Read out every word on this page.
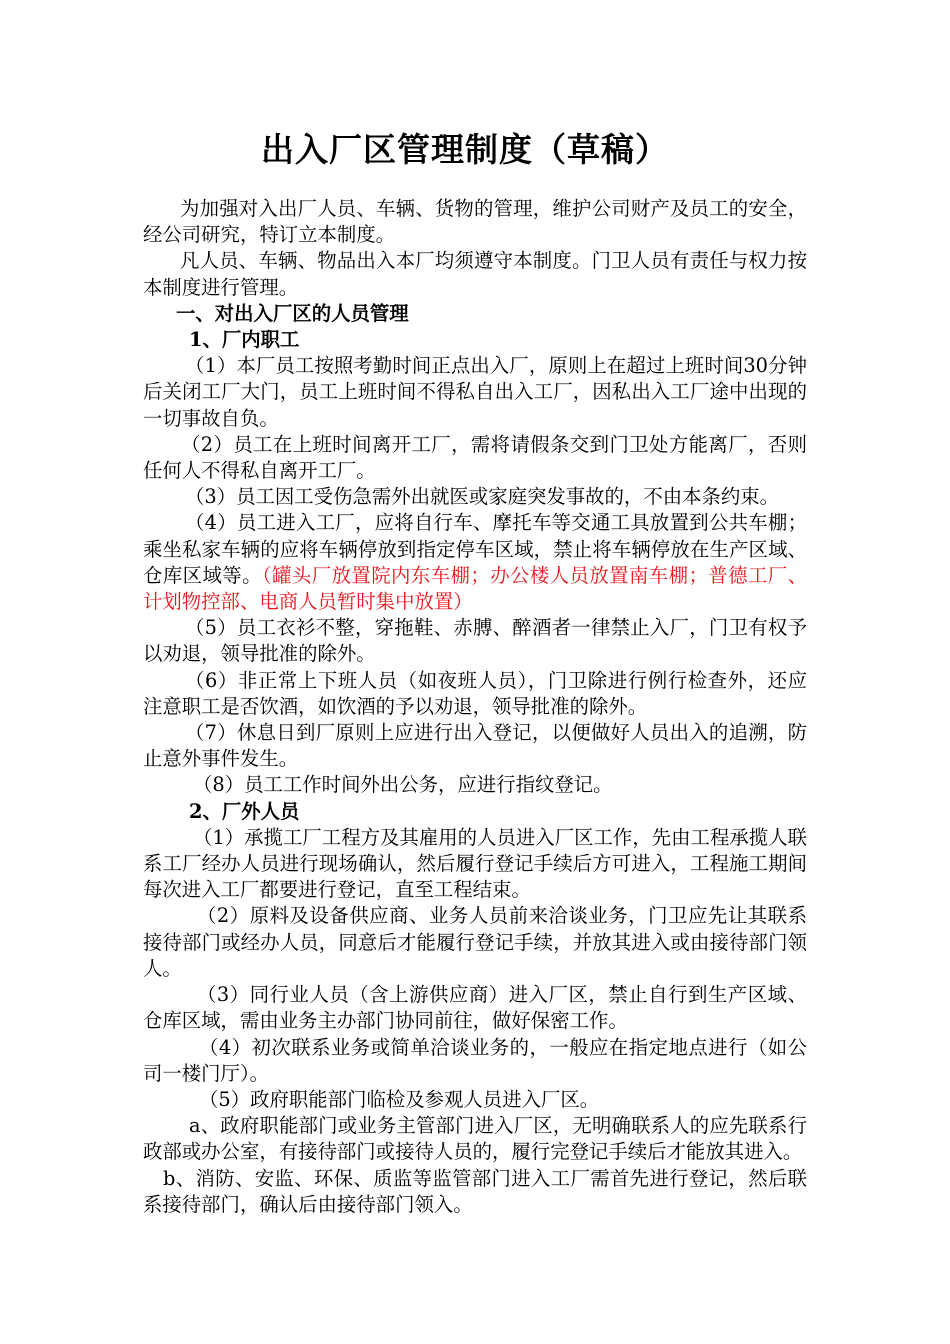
出入厂区管理制度（草稿）

为加强对入出厂人员、车辆、货物的管理，维护公司财产及员工的安全，经公司研究，特订立本制度。

凡人员、车辆、物品出入本厂均须遵守本制度。门卫人员有责任与权力按本制度进行管理。

一、对出入厂区的人员管理

1、厂内职工

（1）本厂员工按照考勤时间正点出入厂，原则上在超过上班时间30分钟后关闭工厂大门，员工上班时间不得私自出入工厂，因私出入工厂途中出现的一切事故自负。

（2）员工在上班时间离开工厂，需将请假条交到门卫处方能离厂，否则任何人不得私自离开工厂。

（3）员工因工受伤急需外出就医或家庭突发事故的，不由本条约束。

（4）员工进入工厂，应将自行车、摩托车等交通工具放置到公共车棚；乘坐私家车辆的应将车辆停放到指定停车区域，禁止将车辆停放在生产区域、仓库区域等。（罐头厂放置院内东车棚；办公楼人员放置南车棚；普德工厂、计划物控部、电商人员暂时集中放置）

（5）员工衣衫不整，穿拖鞋、赤膊、醉酒者一律禁止入厂，门卫有权予以劝退，领导批准的除外。

（6）非正常上下班人员（如夜班人员），门卫除进行例行检查外，还应注意职工是否饮酒，如饮酒的予以劝退，领导批准的除外。

（7）休息日到厂原则上应进行出入登记，以便做好人员出入的追溯，防止意外事件发生。

（8）员工工作时间外出公务，应进行指纹登记。

2、厂外人员

（1）承揽工厂工程方及其雇用的人员进入厂区工作，先由工程承揽人联系工厂经办人员进行现场确认，然后履行登记手续后方可进入，工程施工期间每次进入工厂都要进行登记，直至工程结束。

（2）原料及设备供应商、业务人员前来洽谈业务，门卫应先让其联系接待部门或经办人员，同意后才能履行登记手续，并放其进入或由接待部门领人。

（3）同行业人员（含上游供应商）进入厂区，禁止自行到生产区域、仓库区域，需由业务主办部门协同前往，做好保密工作。

（4）初次联系业务或简单洽谈业务的，一般应在指定地点进行（如公司一楼门厅）。

（5）政府职能部门临检及参观人员进入厂区。

a、政府职能部门或业务主管部门进入厂区，无明确联系人的应先联系行政部或办公室，有接待部门或接待人员的，履行完登记手续后才能放其进入。

b、消防、安监、环保、质监等监管部门进入工厂需首先进行登记，然后联系接待部门，确认后由接待部门领入。
